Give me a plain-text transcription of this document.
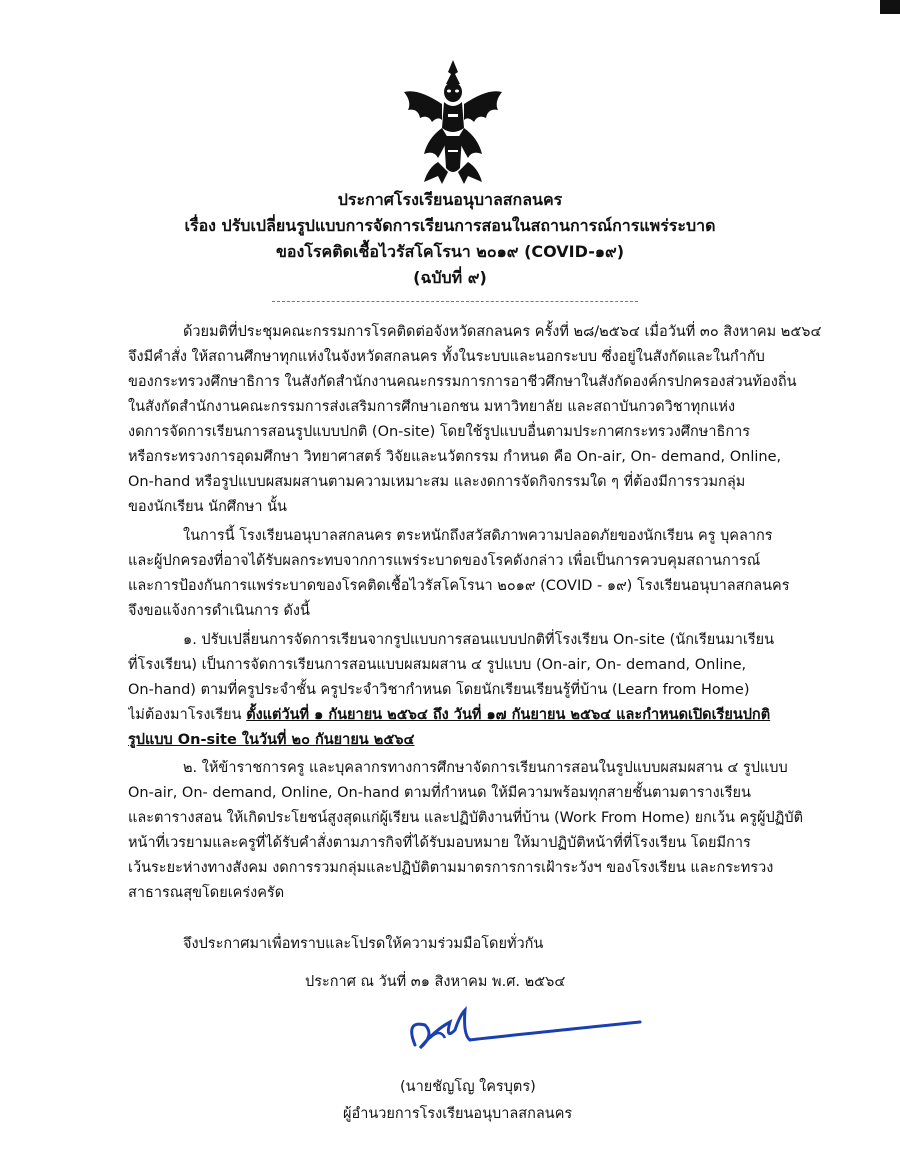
ประกาศโรงเรียนอนุบาลสกลนคร
เรื่อง ปรับเปลี่ยนรูปแบบการจัดการเรียนการสอนในสถานการณ์การแพร่ระบาด
ของโรคติดเชื้อไวรัสโคโรนา ๒๐๑๙ (COVID-๑๙)
(ฉบับที่ ๙)
ด้วยมติที่ประชุมคณะกรรมการโรคติดต่อจังหวัดสกลนคร ครั้งที่ ๒๘/๒๕๖๔ เมื่อวันที่ ๓๐ สิงหาคม ๒๕๖๔
จึงมีคำสั่ง ให้สถานศึกษาทุกแห่งในจังหวัดสกลนคร ทั้งในระบบและนอกระบบ ซึ่งอยู่ในสังกัดและในกำกับ
ของกระทรวงศึกษาธิการ ในสังกัดสำนักงานคณะกรรมการการอาชีวศึกษาในสังกัดองค์กรปกครองส่วนท้องถิ่น
ในสังกัดสำนักงานคณะกรรมการส่งเสริมการศึกษาเอกชน มหาวิทยาลัย และสถาบันกวดวิชาทุกแห่ง
งดการจัดการเรียนการสอนรูปแบบปกติ (On-site) โดยใช้รูปแบบอื่นตามประกาศกระทรวงศึกษาธิการ
หรือกระทรวงการอุดมศึกษา วิทยาศาสตร์ วิจัยและนวัตกรรม กำหนด คือ On-air, On- demand, Online,
On-hand หรือรูปแบบผสมผสานตามความเหมาะสม และงดการจัดกิจกรรมใด ๆ ที่ต้องมีการรวมกลุ่ม
ของนักเรียน นักศึกษา นั้น
ในการนี้ โรงเรียนอนุบาลสกลนคร ตระหนักถึงสวัสดิภาพความปลอดภัยของนักเรียน ครู บุคลากร
และผู้ปกครองที่อาจได้รับผลกระทบจากการแพร่ระบาดของโรคดังกล่าว เพื่อเป็นการควบคุมสถานการณ์
และการป้องกันการแพร่ระบาดของโรคติดเชื้อไวรัสโคโรนา ๒๐๑๙ (COVID - ๑๙) โรงเรียนอนุบาลสกลนคร
จึงขอแจ้งการดำเนินการ ดังนี้
๑. ปรับเปลี่ยนการจัดการเรียนจากรูปแบบการสอนแบบปกติที่โรงเรียน On-site (นักเรียนมาเรียน
ที่โรงเรียน) เป็นการจัดการเรียนการสอนแบบผสมผสาน ๔ รูปแบบ (On-air, On- demand, Online,
On-hand) ตามที่ครูประจำชั้น ครูประจำวิชากำหนด โดยนักเรียนเรียนรู้ที่บ้าน (Learn from Home)
ไม่ต้องมาโรงเรียน ตั้งแต่วันที่ ๑ กันยายน ๒๕๖๔ ถึง วันที่ ๑๗ กันยายน ๒๕๖๔ และกำหนดเปิดเรียนปกติ
รูปแบบ On-site ในวันที่ ๒๐ กันยายน ๒๕๖๔
๒. ให้ข้าราชการครู และบุคลากรทางการศึกษาจัดการเรียนการสอนในรูปแบบผสมผสาน ๔ รูปแบบ
On-air, On- demand, Online, On-hand ตามที่กำหนด ให้มีความพร้อมทุกสายชั้นตามตารางเรียน
และตารางสอน ให้เกิดประโยชน์สูงสุดแก่ผู้เรียน และปฏิบัติงานที่บ้าน (Work From Home) ยกเว้น ครูผู้ปฏิบัติ
หน้าที่เวรยามและครูที่ได้รับคำสั่งตามภารกิจที่ได้รับมอบหมาย ให้มาปฏิบัติหน้าที่ที่โรงเรียน โดยมีการ
เว้นระยะห่างทางสังคม งดการรวมกลุ่มและปฏิบัติตามมาตรการการเฝ้าระวังฯ ของโรงเรียน และกระทรวง
สาธารณสุขโดยเคร่งครัด
จึงประกาศมาเพื่อทราบและโปรดให้ความร่วมมือโดยทั่วกัน
ประกาศ ณ วันที่ ๓๑ สิงหาคม พ.ศ. ๒๕๖๔
(นายชัญโญ ใครบุตร)
ผู้อำนวยการโรงเรียนอนุบาลสกลนคร
